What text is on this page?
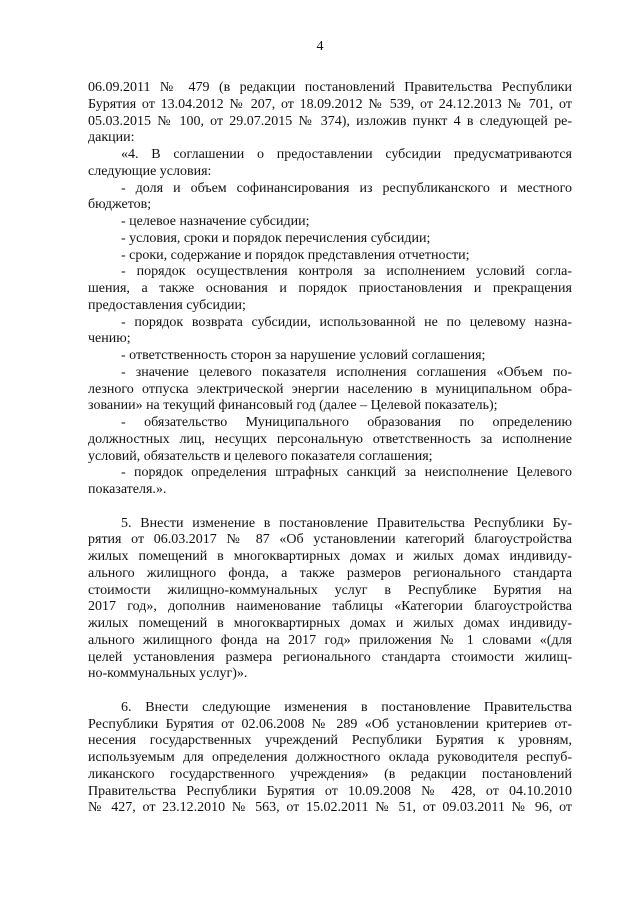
4
06.09.2011 № 479 (в редакции постановлений Правительства Республики
Бурятия от 13.04.2012 № 207, от 18.09.2012 № 539, от 24.12.2013 № 701, от
05.03.2015 № 100, от 29.07.2015 № 374), изложив пункт 4 в следующей ре-
дакции:
«4. В соглашении о предоставлении субсидии предусматриваются
следующие условия:
- доля и объем софинансирования из республиканского и местного
бюджетов;
- целевое назначение субсидии;
- условия, сроки и порядок перечисления субсидии;
- сроки, содержание и порядок представления отчетности;
- порядок осуществления контроля за исполнением условий согла-
шения, а также основания и порядок приостановления и прекращения
предоставления субсидии;
- порядок возврата субсидии, использованной не по целевому назна-
чению;
- ответственность сторон за нарушение условий соглашения;
- значение целевого показателя исполнения соглашения «Объем по-
лезного отпуска электрической энергии населению в муниципальном обра-
зовании» на текущий финансовый год (далее – Целевой показатель);
- обязательство Муниципального образования по определению
должностных лиц, несущих персональную ответственность за исполнение
условий, обязательств и целевого показателя соглашения;
- порядок определения штрафных санкций за неисполнение Целевого
показателя.».
5. Внести изменение в постановление Правительства Республики Бу-
рятия от 06.03.2017 № 87 «Об установлении категорий благоустройства
жилых помещений в многоквартирных домах и жилых домах индивиду-
ального жилищного фонда, а также размеров регионального стандарта
стоимости жилищно-коммунальных услуг в Республике Бурятия на
2017 год», дополнив наименование таблицы «Категории благоустройства
жилых помещений в многоквартирных домах и жилых домах индивиду-
ального жилищного фонда на 2017 год» приложения № 1 словами «(для
целей установления размера регионального стандарта стоимости жилищ-
но-коммунальных услуг)».
6. Внести следующие изменения в постановление Правительства
Республики Бурятия от 02.06.2008 № 289 «Об установлении критериев от-
несения государственных учреждений Республики Бурятия к уровням,
используемым для определения должностного оклада руководителя респуб-
ликанского государственного учреждения» (в редакции постановлений
Правительства Республики Бурятия от 10.09.2008 № 428, от 04.10.2010
№ 427, от 23.12.2010 № 563, от 15.02.2011 № 51, от 09.03.2011 № 96, от
